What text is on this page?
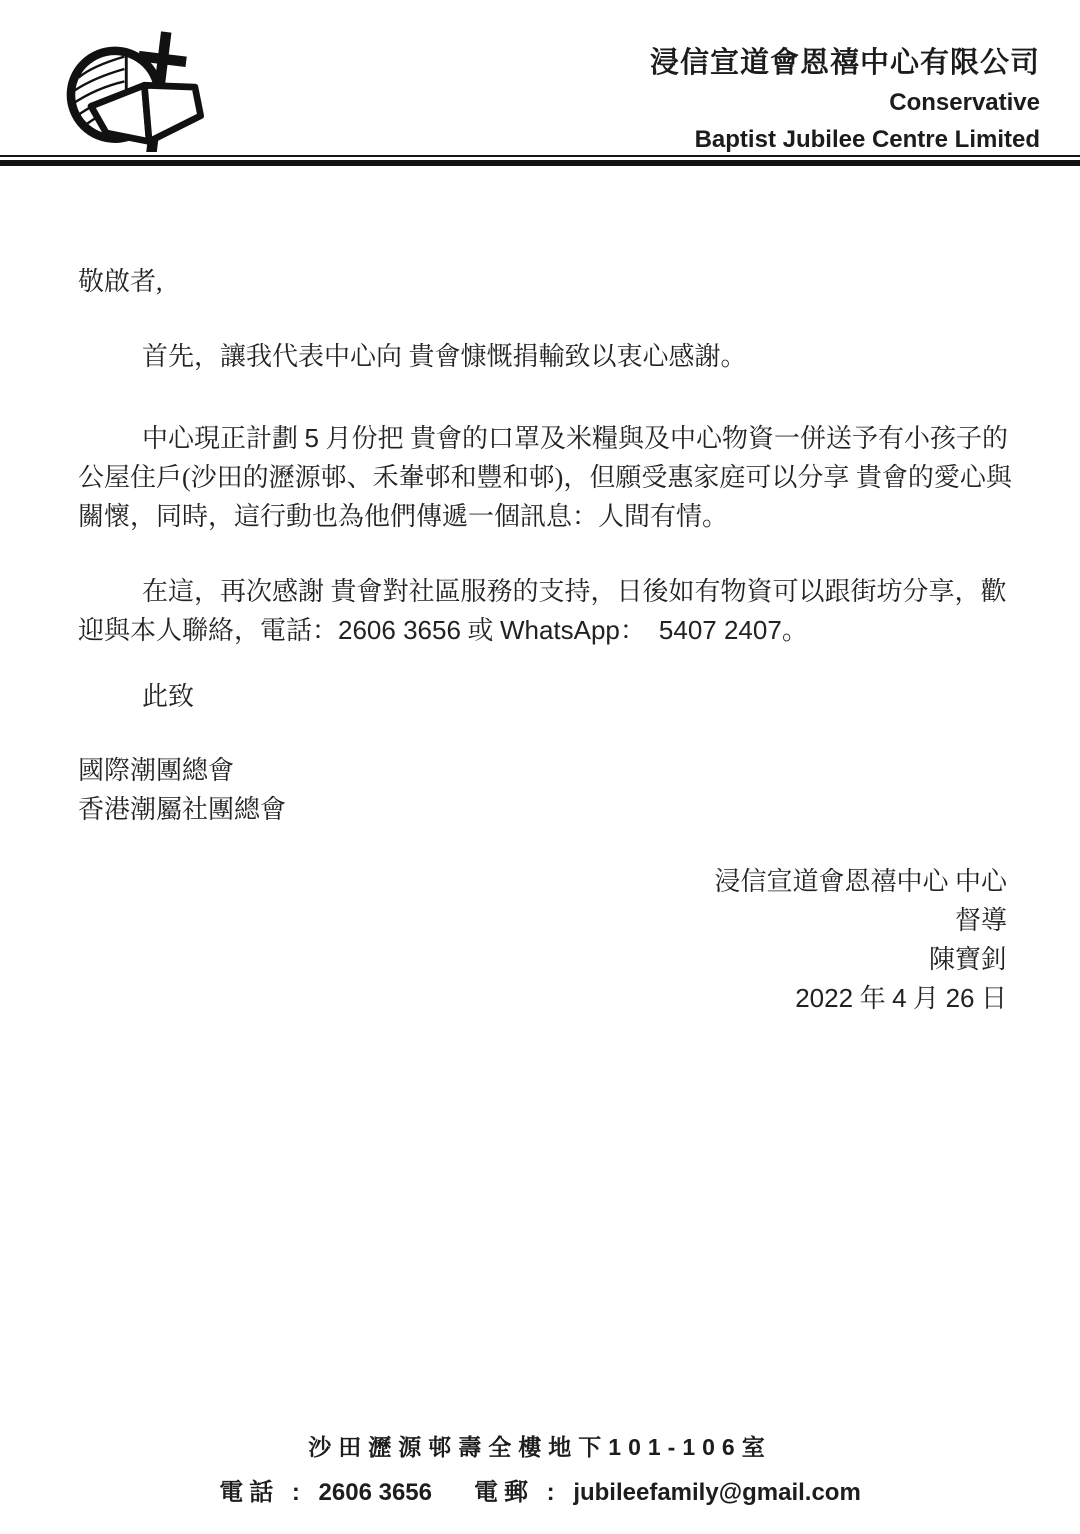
浸信宣道會恩禧中心有限公司
Conservative
Baptist Jubilee Centre Limited
敬啟者,
首先，讓我代表中心向 貴會慷慨捐輸致以衷心感謝。
中心現正計劃 5 月份把 貴會的口罩及米糧與及中心物資一併送予有小孩子的
公屋住戶(沙田的瀝源邨、禾輋邨和豐和邨)，但願受惠家庭可以分享 貴會的愛心與
關懷，同時，這行動也為他們傳遞一個訊息：人間有情。
在這，再次感謝 貴會對社區服務的支持，日後如有物資可以跟街坊分享，歡
迎與本人聯絡，電話：2606 3656 或 WhatsApp：  5407 2407。
此致
國際潮團總會
香港潮屬社團總會
浸信宣道會恩禧中心 中心
督導
陳寶釗
2022 年 4 月 26 日
沙田瀝源邨壽全樓地下101-106室
電話 : 2606 3656 電郵 : jubileefamily@gmail.com
